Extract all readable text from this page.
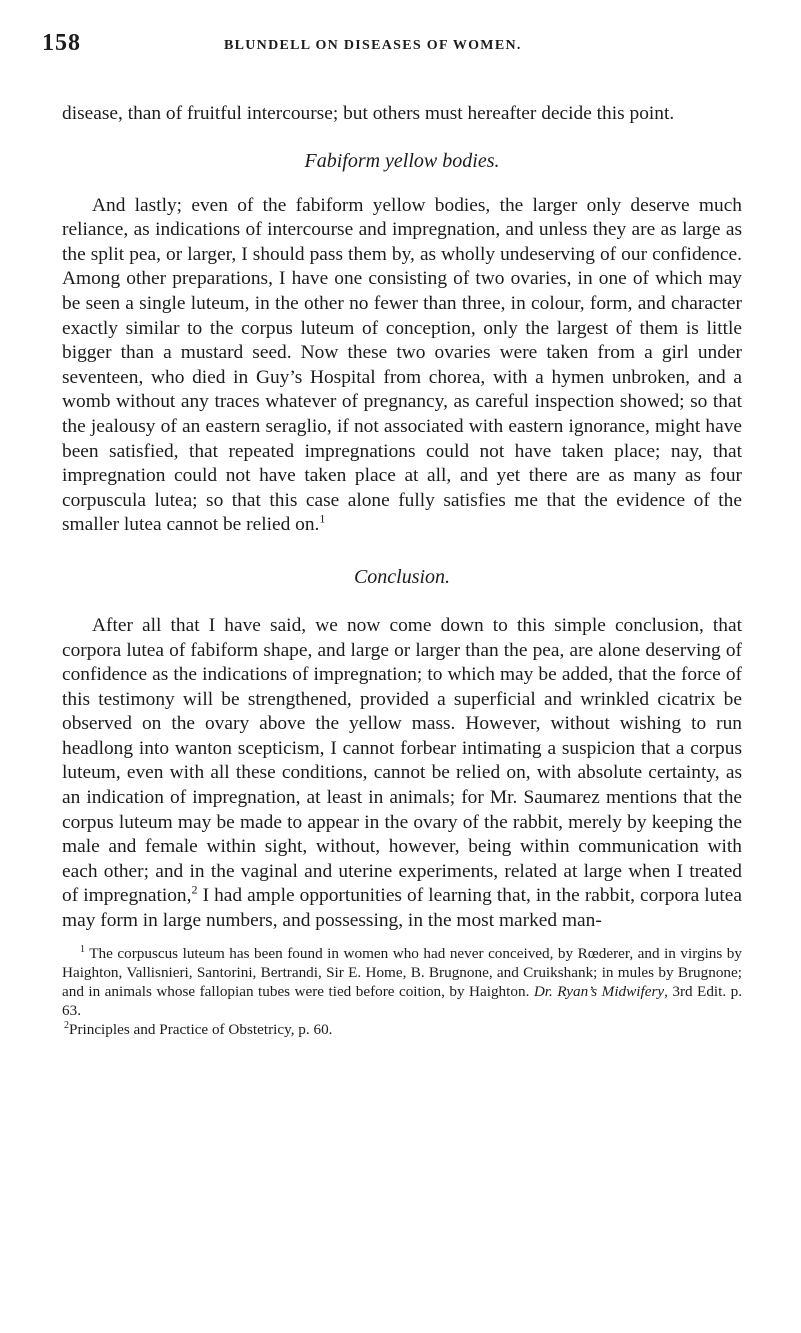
158	BLUNDELL ON DISEASES OF WOMEN.

disease, than of fruitful intercourse; but others must hereafter decide this point.

Fabiform yellow bodies.

And lastly; even of the fabiform yellow bodies, the larger only deserve much reliance, as indications of intercourse and impregnation, and unless they are as large as the split pea, or larger, I should pass them by, as wholly undeserving of our confidence. Among other preparations, I have one consisting of two ovaries, in one of which may be seen a single luteum, in the other no fewer than three, in colour, form, and character exactly similar to the corpus luteum of conception, only the largest of them is little bigger than a mustard seed. Now these two ovaries were taken from a girl under seventeen, who died in Guy’s Hospital from chorea, with a hymen unbroken, and a womb without any traces whatever of pregnancy, as careful inspection showed; so that the jealousy of an eastern seraglio, if not associated with eastern ignorance, might have been satisfied, that repeated impregnations could not have taken place; nay, that impregnation could not have taken place at all, and yet there are as many as four corpuscula lutea; so that this case alone fully satisfies me that the evidence of the smaller lutea cannot be relied on.$^1$

Conclusion.

After all that I have said, we now come down to this simple conclusion, that corpora lutea of fabiform shape, and large or larger than the pea, are alone deserving of confidence as the indications of impregnation; to which may be added, that the force of this testimony will be strengthened, provided a superficial and wrinkled cicatrix be observed on the ovary above the yellow mass. However, without wishing to run headlong into wanton scepticism, I cannot forbear intimating a suspicion that a corpus luteum, even with all these conditions, cannot be relied on, with absolute certainty, as an indication of impregnation, at least in animals; for Mr. Saumarez mentions that the corpus luteum may be made to appear in the ovary of the rabbit, merely by keeping the male and female within sight, without, however, being within communication with each other; and in the vaginal and uterine experiments, related at large when I treated of impregnation,$^2$ I had ample opportunities of learning that, in the rabbit, corpora lutea may form in large numbers, and possessing, in the most marked man-

$^1$ The corpuscus luteum has been found in women who had never conceived, by Rœderer, and in virgins by Haighton, Vallisnieri, Santorini, Bertrandi, Sir E. Home, B. Brugnone, and Cruikshank; in mules by Brugnone; and in animals whose fallopian tubes were tied before coition, by Haighton. Dr. Ryan’s Midwifery, 3rd Edit. p. 63.

$^2$Principles and Practice of Obstetricy, p. 60.
